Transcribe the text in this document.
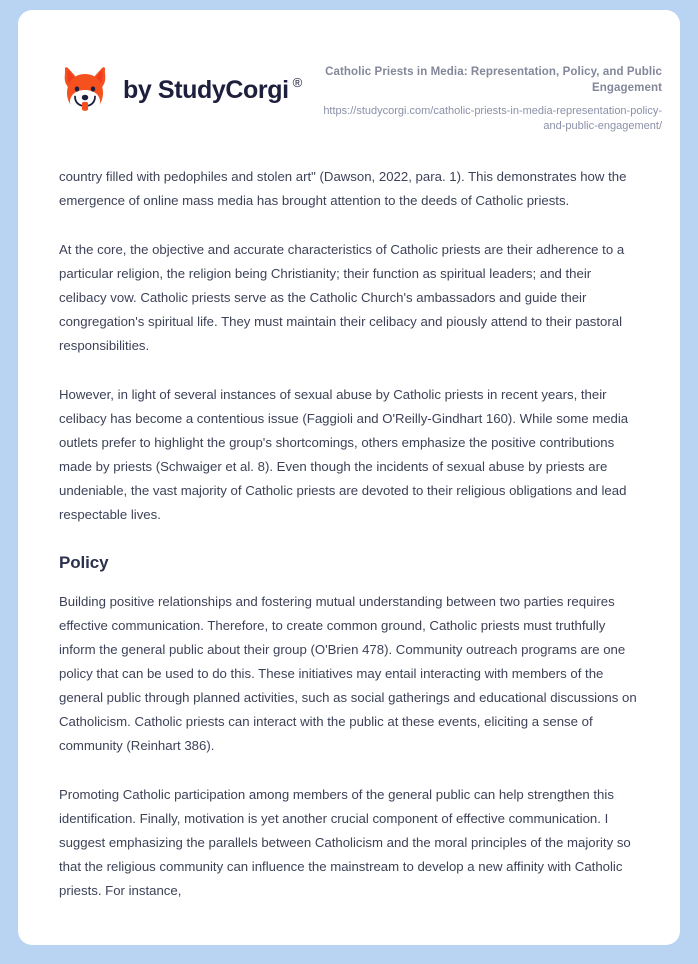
by StudyCorgi ®
Catholic Priests in Media: Representation, Policy, and Public Engagement
https://studycorgi.com/catholic-priests-in-media-representation-policy-and-public-engagement/

country filled with pedophiles and stolen art" (Dawson, 2022, para. 1). This demonstrates how the emergence of online mass media has brought attention to the deeds of Catholic priests.

At the core, the objective and accurate characteristics of Catholic priests are their adherence to a particular religion, the religion being Christianity; their function as spiritual leaders; and their celibacy vow. Catholic priests serve as the Catholic Church's ambassadors and guide their congregation's spiritual life. They must maintain their celibacy and piously attend to their pastoral responsibilities.

However, in light of several instances of sexual abuse by Catholic priests in recent years, their celibacy has become a contentious issue (Faggioli and O'Reilly-Gindhart 160). While some media outlets prefer to highlight the group's shortcomings, others emphasize the positive contributions made by priests (Schwaiger et al. 8). Even though the incidents of sexual abuse by priests are undeniable, the vast majority of Catholic priests are devoted to their religious obligations and lead respectable lives.

Policy

Building positive relationships and fostering mutual understanding between two parties requires effective communication. Therefore, to create common ground, Catholic priests must truthfully inform the general public about their group (O'Brien 478). Community outreach programs are one policy that can be used to do this. These initiatives may entail interacting with members of the general public through planned activities, such as social gatherings and educational discussions on Catholicism. Catholic priests can interact with the public at these events, eliciting a sense of community (Reinhart 386).

Promoting Catholic participation among members of the general public can help strengthen this identification. Finally, motivation is yet another crucial component of effective communication. I suggest emphasizing the parallels between Catholicism and the moral principles of the majority so that the religious community can influence the mainstream to develop a new affinity with Catholic priests. For instance,
